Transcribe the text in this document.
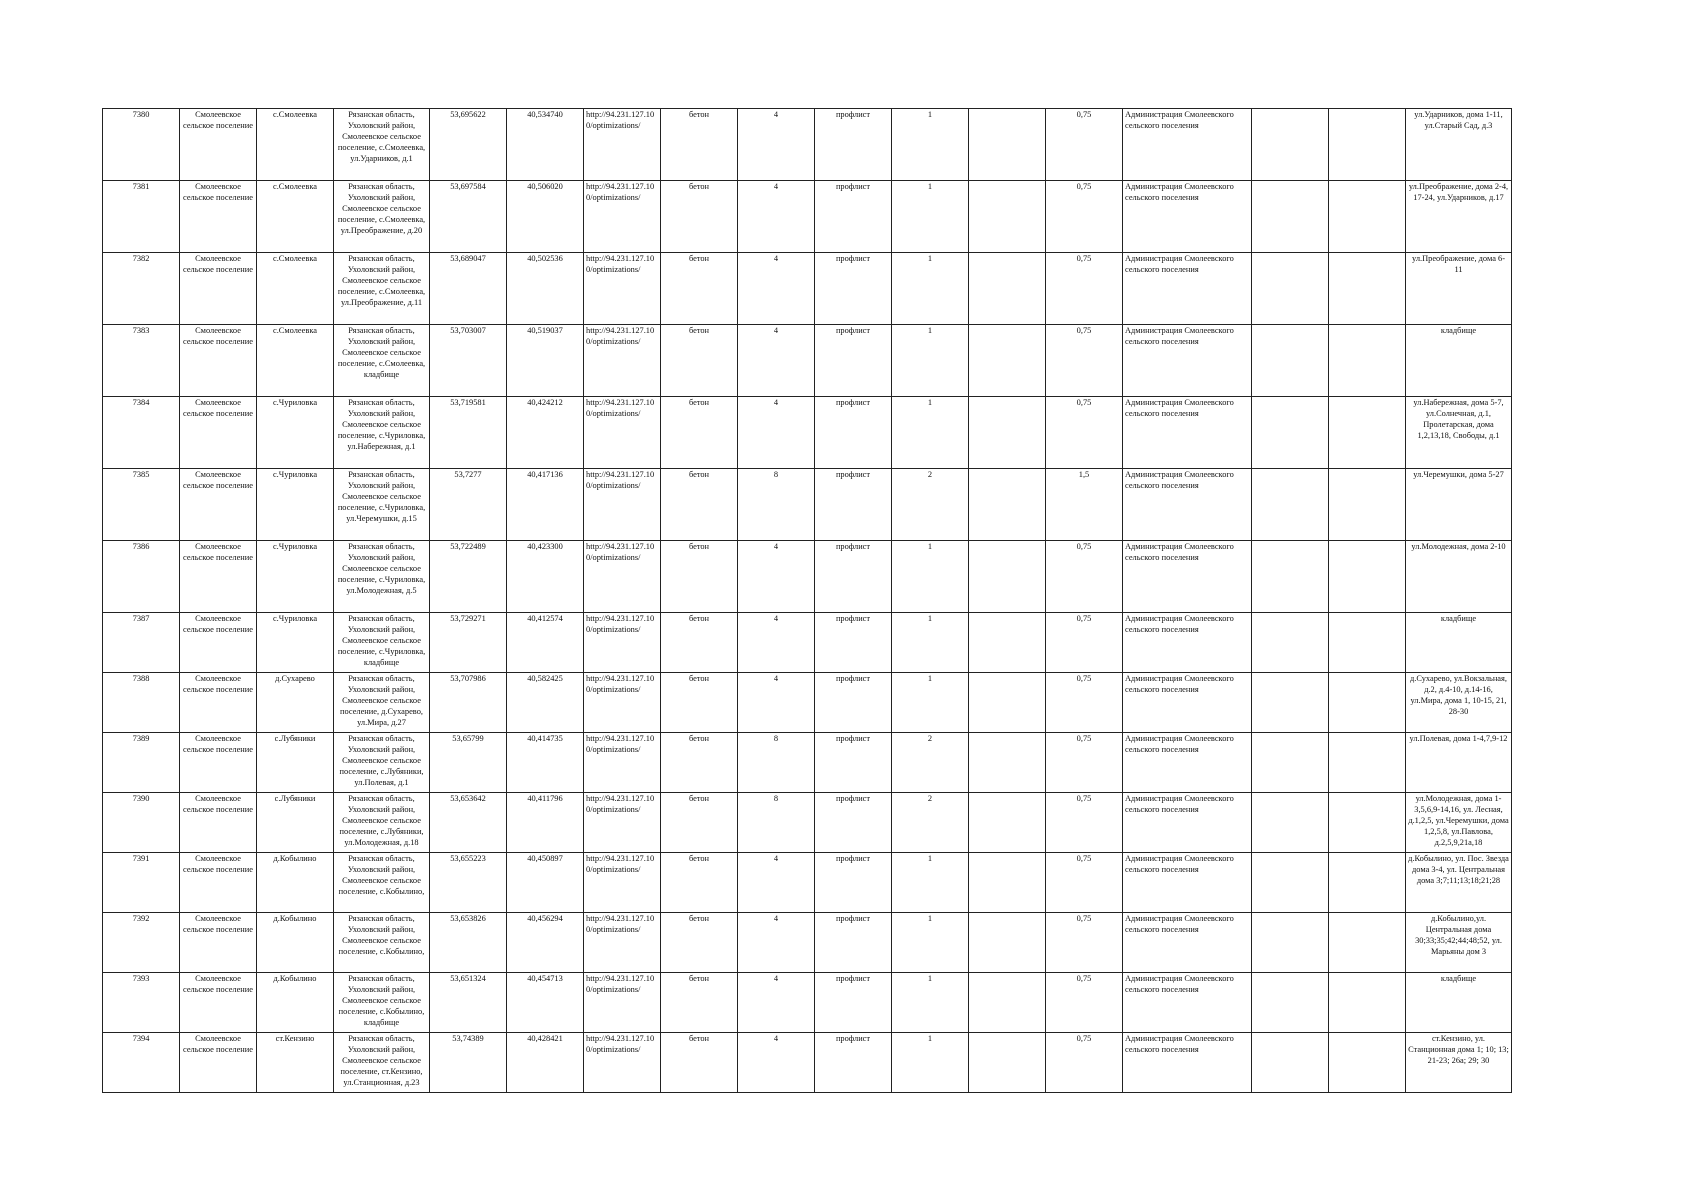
7380	Смолеевское сельское поселение	с.Смолеевка	Рязанская область, Ухоловский район, Смолеевское сельское поселение, с.Смолеевка, ул.Ударников, д.1	53,695622	40,534740	http://94.231.127.10 0/optimizations/	бетон	4	профлист	1		0,75	Администрация Смолеевского сельского поселения			ул.Ударников, дома 1-11, ул.Старый Сад, д.3
7381	Смолеевское сельское поселение	с.Смолеевка	Рязанская область, Ухоловский район, Смолеевское сельское поселение, с.Смолеевка, ул.Преображение, д.20	53,697584	40,506020	http://94.231.127.10 0/optimizations/	бетон	4	профлист	1		0,75	Администрация Смолеевского сельского поселения			ул.Преображение, дома 2-4, 17-24, ул.Ударников, д.17
7382	Смолеевское сельское поселение	с.Смолеевка	Рязанская область, Ухоловский район, Смолеевское сельское поселение, с.Смолеевка, ул.Преображение, д.11	53,689047	40,502536	http://94.231.127.10 0/optimizations/	бетон	4	профлист	1		0,75	Администрация Смолеевского сельского поселения			ул.Преображение, дома 6-11
7383	Смолеевское сельское поселение	с.Смолеевка	Рязанская область, Ухоловский район, Смолеевское сельское поселение, с.Смолеевка, кладбище	53,703007	40,519037	http://94.231.127.10 0/optimizations/	бетон	4	профлист	1		0,75	Администрация Смолеевского сельского поселения			кладбище
7384	Смолеевское сельское поселение	с.Чуриловка	Рязанская область, Ухоловский район, Смолеевское сельское поселение, с.Чуриловка, ул.Набережная, д.1	53,719581	40,424212	http://94.231.127.10 0/optimizations/	бетон	4	профлист	1		0,75	Администрация Смолеевского сельского поселения			ул.Набережная, дома 5-7, ул.Солнечная, д.1, Пролетарская, дома 1,2,13,18, Свободы, д.1
7385	Смолеевское сельское поселение	с.Чуриловка	Рязанская область, Ухоловский район, Смолеевское сельское поселение, с.Чуриловка, ул.Черемушки, д.15	53,7277	40,417136	http://94.231.127.10 0/optimizations/	бетон	8	профлист	2		1,5	Администрация Смолеевского сельского поселения			ул.Черемушки, дома 5-27
7386	Смолеевское сельское поселение	с.Чуриловка	Рязанская область, Ухоловский район, Смолеевское сельское поселение, с.Чуриловка, ул.Молодежная, д.5	53,722489	40,423300	http://94.231.127.10 0/optimizations/	бетон	4	профлист	1		0,75	Администрация Смолеевского сельского поселения			ул.Молодежная, дома 2-10
7387	Смолеевское сельское поселение	с.Чуриловка	Рязанская область, Ухоловский район, Смолеевское сельское поселение, с.Чуриловка, кладбище	53,729271	40,412574	http://94.231.127.10 0/optimizations/	бетон	4	профлист	1		0,75	Администрация Смолеевского сельского поселения			кладбище
7388	Смолеевское сельское поселение	д.Сухарево	Рязанская область, Ухоловский район, Смолеевское сельское поселение, д.Сухарево, ул.Мира, д.27	53,707986	40,582425	http://94.231.127.10 0/optimizations/	бетон	4	профлист	1		0,75	Администрация Смолеевского сельского поселения			д.Сухарево, ул.Вокзальная, д.2, д.4-10, д.14-16, ул.Мира, дома 1, 10-15, 21, 28-30
7389	Смолеевское сельское поселение	с.Лубяники	Рязанская область, Ухоловский район, Смолеевское сельское поселение, с.Лубяники, ул.Полевая, д.1	53,65799	40,414735	http://94.231.127.10 0/optimizations/	бетон	8	профлист	2		0,75	Администрация Смолеевского сельского поселения			ул.Полевая, дома 1-4,7,9-12
7390	Смолеевское сельское поселение	с.Лубяники	Рязанская область, Ухоловский район, Смолеевское сельское поселение, с.Лубяники, ул.Молодежная, д.18	53,653642	40,411796	http://94.231.127.10 0/optimizations/	бетон	8	профлист	2		0,75	Администрация Смолеевского сельского поселения			ул.Молодежная, дома 1-3,5,6,9-14,16, ул. Лесная, д.1,2,5, ул.Черемушки, дома 1,2,5,8, ул.Павлова, д.2,5,9,21а,18
7391	Смолеевское сельское поселение	д.Кобылино	Рязанская область, Ухоловский район, Смолеевское сельское поселение, с.Кобылино,	53,655223	40,450897	http://94.231.127.10 0/optimizations/	бетон	4	профлист	1		0,75	Администрация Смолеевского сельского поселения			д.Кобылино, ул. Пос. Звезда дома 3-4, ул. Центральная дома 3;7;11;13;18;21;28
7392	Смолеевское сельское поселение	д.Кобылино	Рязанская область, Ухоловский район, Смолеевское сельское поселение, с.Кобылино,	53,653826	40,456294	http://94.231.127.10 0/optimizations/	бетон	4	профлист	1		0,75	Администрация Смолеевского сельского поселения			д.Кобылино,ул. Центральная дома 30;33;35;42;44;48;52, ул. Марьяны дом 3
7393	Смолеевское сельское поселение	д.Кобылино	Рязанская область, Ухоловский район, Смолеевское сельское поселение, с.Кобылино, кладбище	53,651324	40,454713	http://94.231.127.10 0/optimizations/	бетон	4	профлист	1		0,75	Администрация Смолеевского сельского поселения			кладбище
7394	Смолеевское сельское поселение	ст.Кензино	Рязанская область, Ухоловский район, Смолеевское сельское поселение, ст.Кензино, ул.Станционная, д.23	53,74389	40,428421	http://94.231.127.10 0/optimizations/	бетон	4	профлист	1		0,75	Администрация Смолеевского сельского поселения			ст.Кензино, ул. Станционная дома 1; 10; 13; 21-23; 26а; 29; 30
